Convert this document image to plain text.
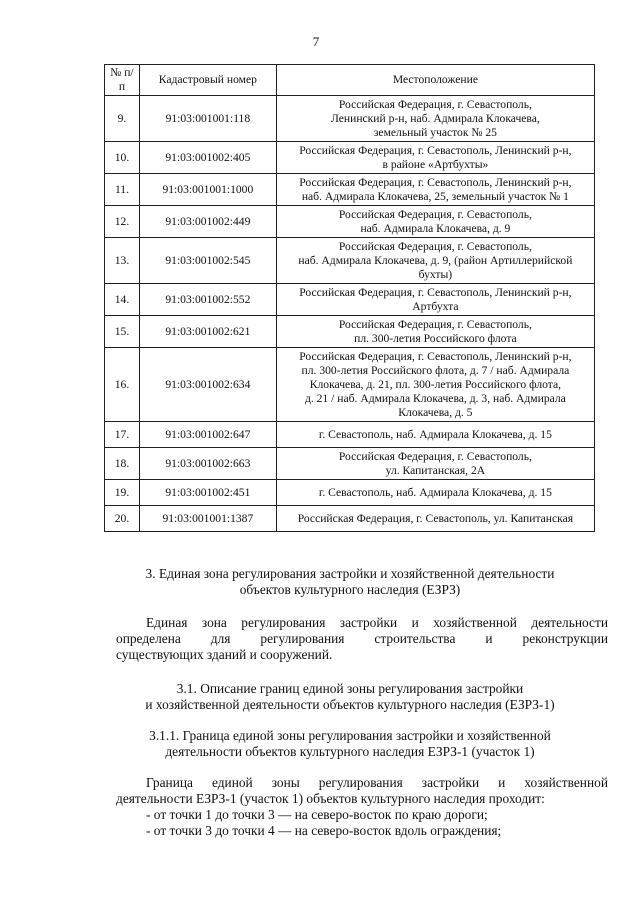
7
№ п/п	Кадастровый номер	Местоположение
9.	91:03:001001:118	Российская Федерация, г. Севастополь,
Ленинский р-н, наб. Адмирала Клокачева,
земельный участок № 25

10.	91:03:001002:405	Российская Федерация, г. Севастополь, Ленинский р-н,
в районе «Артбухты»

11.	91:03:001001:1000	Российская Федерация, г. Севастополь, Ленинский р-н,
наб. Адмирала Клокачева, 25, земельный участок № 1

12.	91:03:001002:449	Российская Федерация, г. Севастополь,
наб. Адмирала Клокачева, д. 9

13.	91:03:001002:545	Российская Федерация, г. Севастополь,
наб. Адмирала Клокачева, д. 9, (район Артиллерийской
бухты)

14.	91:03:001002:552	Российская Федерация, г. Севастополь, Ленинский р-н,
Артбухта

15.	91:03:001002:621	Российская Федерация, г. Севастополь,
пл. 300-летия Российского флота

16.	91:03:001002:634	Российская Федерация, г. Севастополь, Ленинский р-н,
пл. 300-летия Российского флота, д. 7 / наб. Адмирала
Клокачева, д. 21, пл. 300-летия Российского флота,
д. 21 / наб. Адмирала Клокачева, д. 3, наб. Адмирала
Клокачева, д. 5

17.	91:03:001002:647	г. Севастополь, наб. Адмирала Клокачева, д. 15

18.	91:03:001002:663	Российская Федерация, г. Севастополь,
ул. Капитанская, 2А

19.	91:03:001002:451	г. Севастополь, наб. Адмирала Клокачева, д. 15

20.	91:03:001001:1387	Российская Федерация, г. Севастополь, ул. Капитанская
3. Единая зона регулирования застройки и хозяйственной деятельности
объектов культурного наследия (ЕЗРЗ)
Единая зона регулирования застройки и хозяйственной деятельности
определена для регулирования строительства и реконструкции
существующих зданий и сооружений.
3.1. Описание границ единой зоны регулирования застройки
и хозяйственной деятельности объектов культурного наследия (ЕЗРЗ-1)
3.1.1. Граница единой зоны регулирования застройки и хозяйственной
деятельности объектов культурного наследия ЕЗРЗ-1 (участок 1)
Граница единой зоны регулирования застройки и хозяйственной
деятельности ЕЗРЗ-1 (участок 1) объектов культурного наследия проходит:
- от точки 1 до точки 3 — на северо-восток по краю дороги;
- от точки 3 до точки 4 — на северо-восток вдоль ограждения;
